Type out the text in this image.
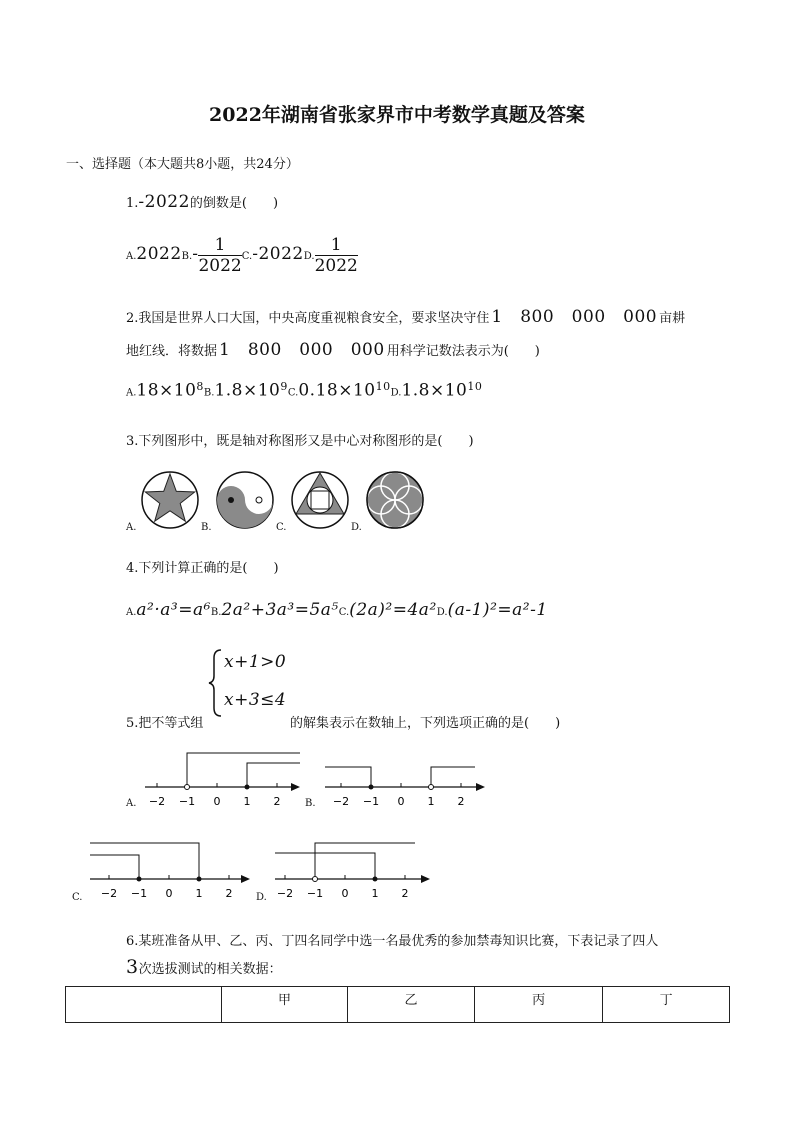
2022年湖南省张家界市中考数学真题及答案
一、选择题（本大题共8小题，共24分）
1.-2022的倒数是(　　)
$A.2022B.- \frac{1}{2022} C.-2022D$. $\frac{1}{2022}$
2.我国是世界人口大国，中央高度重视粮食安全，要求坚决守住 1　800　000　000 亩耕
地红线．将数据 1　800　000　000 用科学记数法表示为(　　)
$A.18\times 10^8B.1.8\times 10^9C.0.18\times 10^{10}D.1.8\times 10^{10}$
3.下列图形中，既是轴对称图形又是中心对称图形的是(　　)
A.	B.	C.	D.
4.下列计算正确的是(　　)
A.a²·a³=a⁶B.2a²+3a³=5a⁵C.(2a)²=4a²D.(a-1)²=a²-1
x+1>0
x+3≤4
5.把不等式组	的解集表示在数轴上，下列选项正确的是(　　)
A.	B.
C.	D.
−2 −1 0 1 2	−2 −1 0 1 2
−2 −1 0 1 2	−2 −1 0 1 2
6.某班准备从甲、乙、丙、丁四名同学中选一名最优秀的参加禁毒知识比赛，下表记录了四人
3次选拔测试的相关数据：
	甲	乙	丙	丁
